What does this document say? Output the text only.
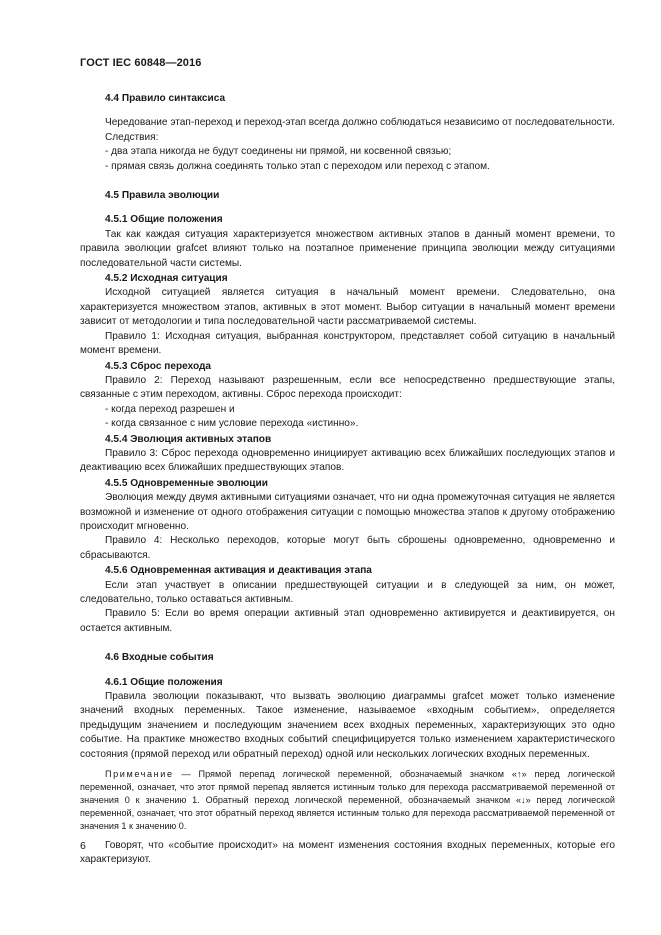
ГОСТ IEC 60848—2016

4.4 Правило синтаксиса

Чередование этап-переход и переход-этап всегда должно соблюдаться независимо от последовательности.

Следствия:

- два этапа никогда не будут соединены ни прямой, ни косвенной связью;

- прямая связь должна соединять только этап с переходом или переход с этапом.

4.5 Правила эволюции

4.5.1 Общие положения

Так как каждая ситуация характеризуется множеством активных этапов в данный момент времени, то правила эволюции grafcet влияют только на поэтапное применение принципа эволюции между ситуациями последовательной части системы.

4.5.2 Исходная ситуация

Исходной ситуацией является ситуация в начальный момент времени. Следовательно, она характеризуется множеством этапов, активных в этот момент. Выбор ситуации в начальный момент времени зависит от методологии и типа последовательной части рассматриваемой системы.

Правило 1: Исходная ситуация, выбранная конструктором, представляет собой ситуацию в начальный момент времени.

4.5.3 Сброс перехода

Правило 2: Переход называют разрешенным, если все непосредственно предшествующие этапы, связанные с этим переходом, активны. Сброс перехода происходит:

- когда переход разрешен и

- когда связанное с ним условие перехода «истинно».

4.5.4 Эволюция активных этапов

Правило 3: Сброс перехода одновременно инициирует активацию всех ближайших последующих этапов и деактивацию всех ближайших предшествующих этапов.

4.5.5 Одновременные эволюции

Эволюция между двумя активными ситуациями означает, что ни одна промежуточная ситуация не является возможной и изменение от одного отображения ситуации с помощью множества этапов к другому отображению происходит мгновенно.

Правило 4: Несколько переходов, которые могут быть сброшены одновременно, одновременно и сбрасываются.

4.5.6 Одновременная активация и деактивация этапа

Если этап участвует в описании предшествующей ситуации и в следующей за ним, он может, следовательно, только оставаться активным.

Правило 5: Если во время операции активный этап одновременно активируется и деактивируется, он остается активным.

4.6 Входные события

4.6.1 Общие положения

Правила эволюции показывают, что вызвать эволюцию диаграммы grafcet может только изменение значений входных переменных. Такое изменение, называемое «входным событием», определяется предыдущим значением и последующим значением всех входных переменных, характеризующих это одно событие. На практике множество входных событий специфицируется только изменением характеристического состояния (прямой переход или обратный переход) одной или нескольких логических входных переменных.

Примечание — Прямой перепад логической переменной, обозначаемый значком «↑» перед логической переменной, означает, что этот прямой перепад является истинным только для перехода рассматриваемой переменной от значения 0 к значению 1. Обратный переход логической переменной, обозначаемый значком «↓» перед логической переменной, означает, что этот обратный переход является истинным только для перехода рассматриваемой переменной от значения 1 к значению 0.

Говорят, что «событие происходит» на момент изменения состояния входных переменных, которые его характеризуют.

6
